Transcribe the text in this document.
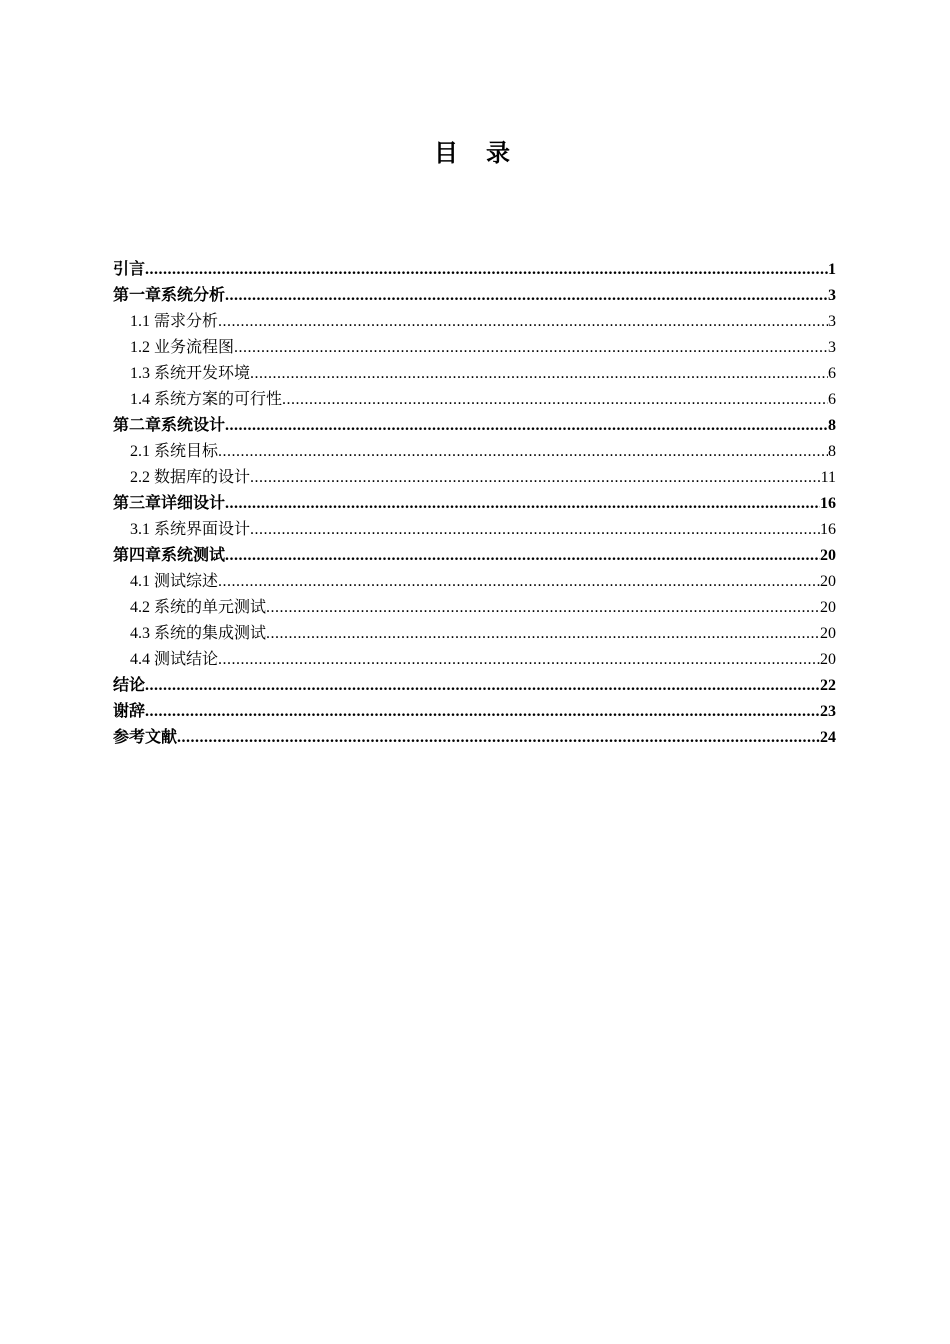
目 录
引言 .....	1
第一章系统分析 .....	3
1.1 需求分析 .....	3
1.2 业务流程图 .....	3
1.3 系统开发环境 .....	6
1.4 系统方案的可行性 .....	6
第二章系统设计 .....	8
2.1 系统目标 .....	8
2.2 数据库的设计 .....	11
第三章详细设计 .....	16
3.1 系统界面设计 .....	16
第四章系统测试 .....	20
4.1 测试综述 .....	20
4.2 系统的单元测试 .....	20
4.3 系统的集成测试 .....	20
4.4 测试结论 .....	20
结论 .....	22
谢辞 .....	23
参考文献 .....	24
